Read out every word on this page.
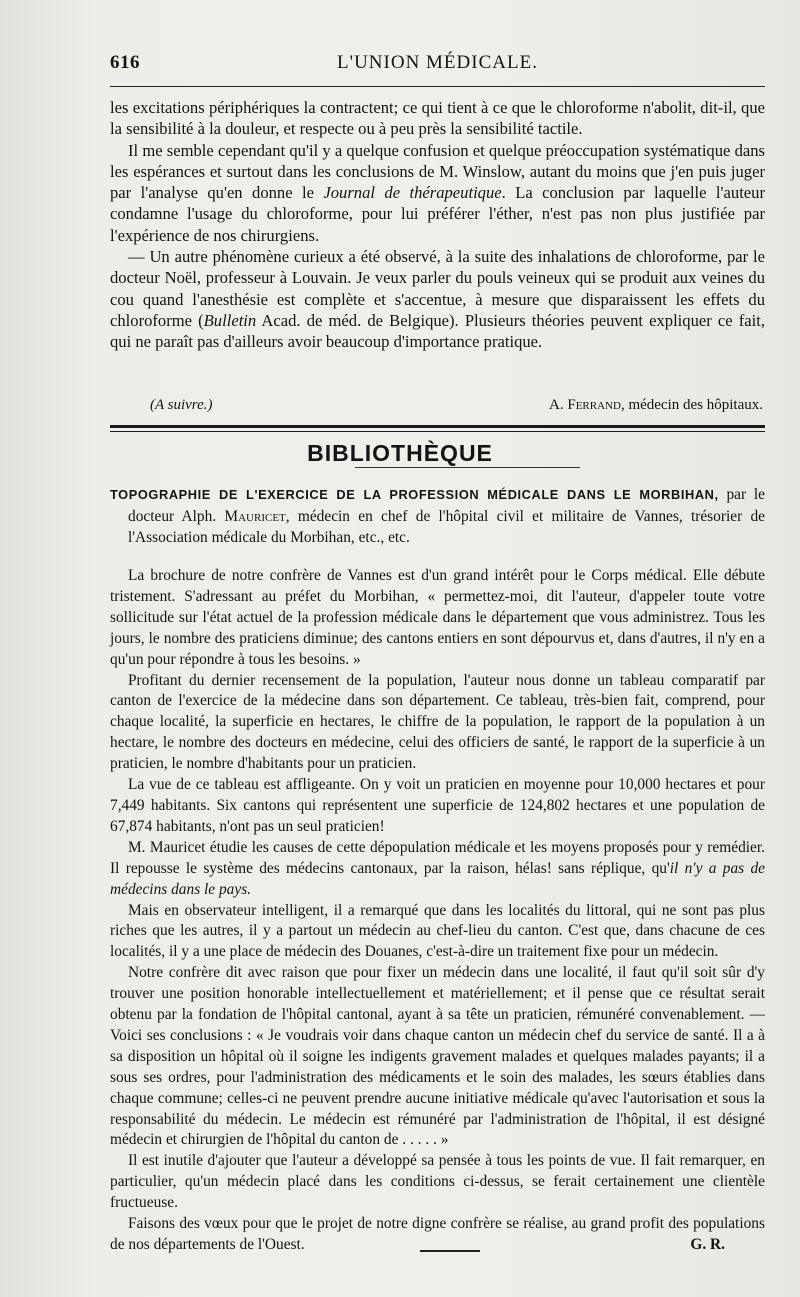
616	L'UNION MÉDICALE.

les excitations périphériques la contractent; ce qui tient à ce que le chloroforme n'abolit, dit-il, que la sensibilité à la douleur, et respecte ou à peu près la sensibilité tactile.

Il me semble cependant qu'il y a quelque confusion et quelque préoccupation systématique dans les espérances et surtout dans les conclusions de M. Winslow, autant du moins que j'en puis juger par l'analyse qu'en donne le Journal de thérapeutique. La conclusion par laquelle l'auteur condamne l'usage du chloroforme, pour lui préférer l'éther, n'est pas non plus justifiée par l'expérience de nos chirurgiens.

— Un autre phénomène curieux a été observé, à la suite des inhalations de chloroforme, par le docteur Noël, professeur à Louvain. Je veux parler du pouls veineux qui se produit aux veines du cou quand l'anesthésie est complète et s'accentue, à mesure que disparaissent les effets du chloroforme (Bulletin Acad. de méd. de Belgique). Plusieurs théories peuvent expliquer ce fait, qui ne paraît pas d'ailleurs avoir beaucoup d'importance pratique.

(A suivre.)	A. Ferrand, médecin des hôpitaux.
BIBLIOTHÈQUE
TOPOGRAPHIE DE L'EXERCICE DE LA PROFESSION MÉDICALE DANS LE MORBIHAN, par le docteur Alph. Mauricet, médecin en chef de l'hôpital civil et militaire de Vannes, trésorier de l'Association médicale du Morbihan, etc., etc.

La brochure de notre confrère de Vannes est d'un grand intérêt pour le Corps médical. Elle débute tristement. S'adressant au préfet du Morbihan, « permettez-moi, dit l'auteur, d'appeler toute votre sollicitude sur l'état actuel de la profession médicale dans le département que vous administrez. Tous les jours, le nombre des praticiens diminue; des cantons entiers en sont dépourvus et, dans d'autres, il n'y en a qu'un pour répondre à tous les besoins. »

Profitant du dernier recensement de la population, l'auteur nous donne un tableau comparatif par canton de l'exercice de la médecine dans son département. Ce tableau, très-bien fait, comprend, pour chaque localité, la superficie en hectares, le chiffre de la population, le rapport de la population à un hectare, le nombre des docteurs en médecine, celui des officiers de santé, le rapport de la superficie à un praticien, le nombre d'habitants pour un praticien.

La vue de ce tableau est affligeante. On y voit un praticien en moyenne pour 10,000 hectares et pour 7,449 habitants. Six cantons qui représentent une superficie de 124,802 hectares et une population de 67,874 habitants, n'ont pas un seul praticien!

M. Mauricet étudie les causes de cette dépopulation médicale et les moyens proposés pour y remédier. Il repousse le système des médecins cantonaux, par la raison, hélas! sans réplique, qu'il n'y a pas de médecins dans le pays.

Mais en observateur intelligent, il a remarqué que dans les localités du littoral, qui ne sont pas plus riches que les autres, il y a partout un médecin au chef-lieu du canton. C'est que, dans chacune de ces localités, il y a une place de médecin des Douanes, c'est-à-dire un traitement fixe pour un médecin.

Notre confrère dit avec raison que pour fixer un médecin dans une localité, il faut qu'il soit sûr d'y trouver une position honorable intellectuellement et matériellement; et il pense que ce résultat serait obtenu par la fondation de l'hôpital cantonal, ayant à sa tête un praticien, rémunéré convenablement. — Voici ses conclusions : « Je voudrais voir dans chaque canton un médecin chef du service de santé. Il a à sa disposition un hôpital où il soigne les indigents gravement malades et quelques malades payants; il a sous ses ordres, pour l'administration des médicaments et le soin des malades, les sœurs établies dans chaque commune; celles-ci ne peuvent prendre aucune initiative médicale qu'avec l'autorisation et sous la responsabilité du médecin. Le médecin est rémunéré par l'administration de l'hôpital, il est désigné médecin et chirurgien de l'hôpital du canton de . . . . . »

Il est inutile d'ajouter que l'auteur a développé sa pensée à tous les points de vue. Il fait remarquer, en particulier, qu'un médecin placé dans les conditions ci-dessus, se ferait certainement une clientèle fructueuse.

Faisons des vœux pour que le projet de notre digne confrère se réalise, au grand profit des populations de nos départements de l'Ouest.	G. R.
